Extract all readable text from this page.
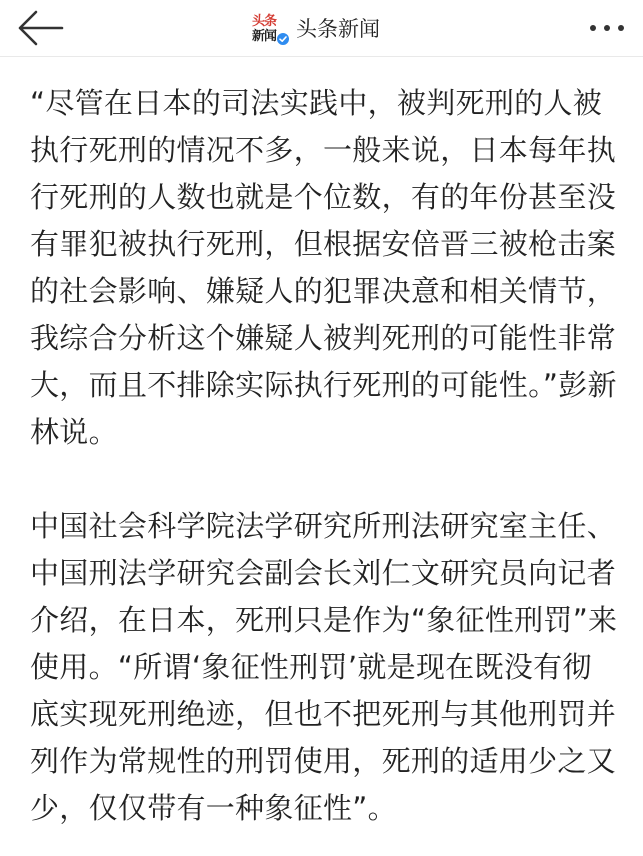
头条
新闻 头条新闻

“尽管在日本的司法实践中，被判死刑的人被执行死刑的情况不多，一般来说，日本每年执行死刑的人数也就是个位数，有的年份甚至没有罪犯被执行死刑，但根据安倍晋三被枪击案的社会影响、嫌疑人的犯罪决意和相关情节，我综合分析这个嫌疑人被判死刑的可能性非常大，而且不排除实际执行死刑的可能性。”彭新林说。

中国社会科学院法学研究所刑法研究室主任、中国刑法学研究会副会长刘仁文研究员向记者介绍，在日本，死刑只是作为“象征性刑罚”来使用。“所谓‘象征性刑罚’就是现在既没有彻底实现死刑绝迹，但也不把死刑与其他刑罚并列作为常规性的刑罚使用，死刑的适用少之又少，仅仅带有一种象征性”。
